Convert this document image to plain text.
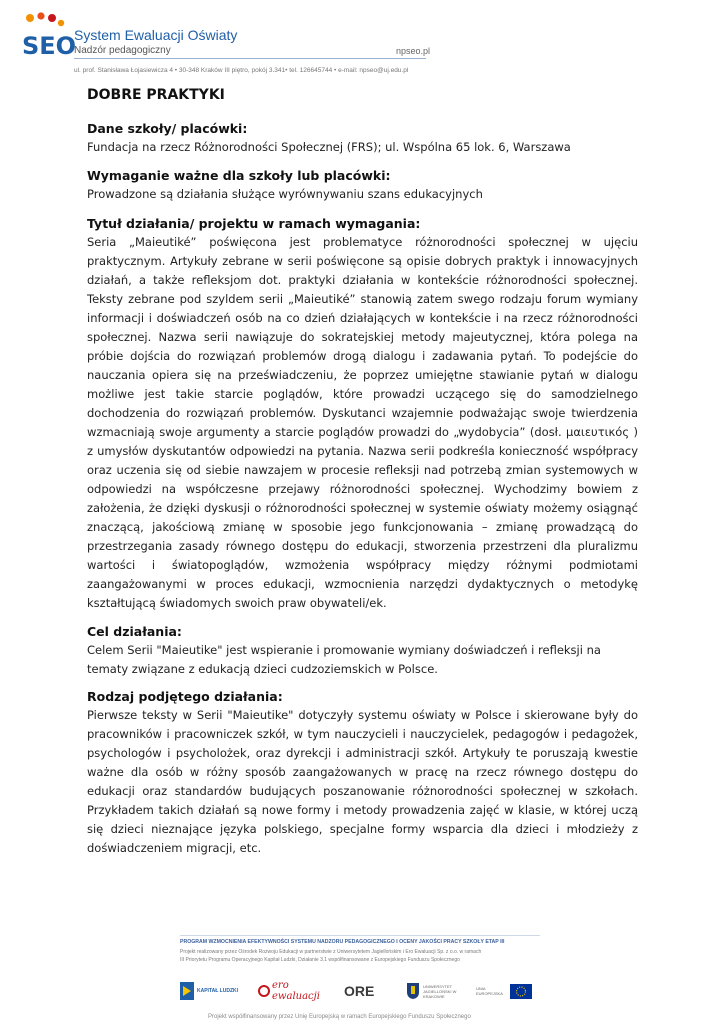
SEO
System Ewaluacji Oświaty
Nadzór pedagogiczny	npseo.pl
ul. prof. Stanisława Łojasiewicza 4 • 30-348 Kraków III piętro, pokój 3.341• tel. 126645744 • e-mail: npseo@uj.edu.pl
DOBRE PRAKTYKI
Dane szkoły/ placówki:

Fundacja na rzecz Różnorodności Społecznej (FRS); ul. Wspólna 65 lok. 6, Warszawa

Wymaganie ważne dla szkoły lub placówki:

Prowadzone są działania służące wyrównywaniu szans edukacyjnych

Tytuł działania/ projektu w ramach wymagania:

Seria „Maieutiké” poświęcona jest problematyce różnorodności społecznej w ujęciu praktycznym. Artykuły zebrane w serii poświęcone są opisie dobrych praktyk i innowacyjnych działań, a także refleksjom dot. praktyki działania w kontekście różnorodności społecznej. Teksty zebrane pod szyldem serii „Maieutiké” stanowią zatem swego rodzaju forum wymiany informacji i doświadczeń osób na co dzień działających w kontekście i na rzecz różnorodności społecznej. Nazwa serii nawiązuje do sokratejskiej metody majeutycznej, która polega na próbie dojścia do rozwiązań problemów drogą dialogu i zadawania pytań. To podejście do nauczania opiera się na przeświadczeniu, że poprzez umiejętne stawianie pytań w dialogu możliwe jest takie starcie poglądów, które prowadzi uczącego się do samodzielnego dochodzenia do rozwiązań problemów. Dyskutanci wzajemnie podważając swoje twierdzenia wzmacniają swoje argumenty a starcie poglądów prowadzi do „wydobycia” (dosł. μαιευτικός ) z umysłów dyskutantów odpowiedzi na pytania. Nazwa serii podkreśla konieczność współpracy oraz uczenia się od siebie nawzajem w procesie refleksji nad potrzebą zmian systemowych w odpowiedzi na współczesne przejawy różnorodności społecznej. Wychodzimy bowiem z założenia, że dzięki dyskusji o różnorodności społecznej w systemie oświaty możemy osiągnąć znaczącą, jakościową zmianę w sposobie jego funkcjonowania – zmianę prowadzącą do przestrzegania zasady równego dostępu do edukacji, stworzenia przestrzeni dla pluralizmu wartości i światopoglądów, wzmożenia współpracy między różnymi podmiotami zaangażowanymi w proces edukacji, wzmocnienia narzędzi dydaktycznych o metodykę kształtującą świadomych swoich praw obywateli/ek.

Cel działania:

Celem Serii "Maieutike" jest wspieranie i promowanie wymiany doświadczeń i refleksji na tematy związane z edukacją dzieci cudzoziemskich w Polsce.

Rodzaj podjętego działania:

Pierwsze teksty w Serii "Maieutike" dotyczyły systemu oświaty w Polsce i skierowane były do pracowników i pracowniczek szkół, w tym nauczycieli i nauczycielek, pedagogów i pedagożek, psychologów i psycholożek, oraz dyrekcji i administracji szkół. Artykuły te poruszają kwestie ważne dla osób w różny sposób zaangażowanych w pracę na rzecz równego dostępu do edukacji oraz standardów budujących poszanowanie różnorodności społecznej w szkołach. Przykładem takich działań są nowe formy i metody prowadzenia zajęć w klasie, w której uczą się dzieci nieznające języka polskiego, specjalne formy wsparcia dla dzieci i młodzieży z doświadczeniem migracji, etc.

PROGRAM WZMOCNIENIA EFEKTYWNOŚCI SYSTEMU NADZORU PEDAGOGICZNEGO I OCENY JAKOŚCI PRACY SZKOŁY ETAP III
Projekt realizowany przez Ośrodek Rozwoju Edukacji w partnerstwie z Uniwersytetem Jagiellońskim i Ero Ewaluacji Sp. z o.o. w ramach
III Priorytetu Programu Operacyjnego Kapitał Ludzki, Działanie 3.1 współfinansowane z Europejskiego Funduszu Społecznego
KAPITAŁ LUDZKI	ero ewaluacji	ORE	UNIWERSYTET JAGIELLOŃSKI W KRAKOWIE
UNIA EUROPEJSKA
Projekt współfinansowany przez Unię Europejską w ramach Europejskiego Funduszu Społecznego
